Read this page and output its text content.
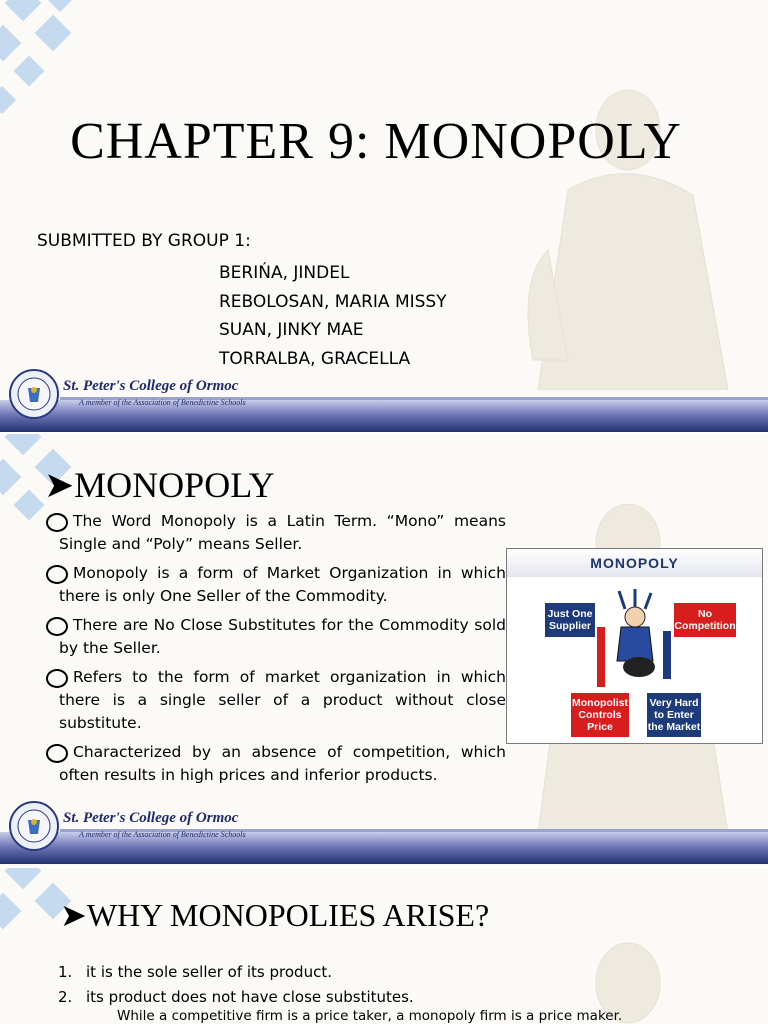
CHAPTER 9: MONOPOLY
SUBMITTED BY GROUP 1:
BERIŃA, JINDEL
REBOLOSAN, MARIA MISSY
SUAN, JINKY MAE
TORRALBA, GRACELLA
St. Peter's College of Ormoc
A member of the Association of Benedictine Schools
➤MONOPOLY
The Word Monopoly is a Latin Term. “Mono” means Single and “Poly” means Seller.
Monopoly is a form of Market Organization in which there is only One Seller of the Commodity.
There are No Close Substitutes for the Commodity sold by the Seller.
Refers to the form of market organization in which there is a single seller of a product without close substitute.
Characterized by an absence of competition, which often results in high prices and inferior products.
MONOPOLY
Just One Supplier
No Competition
Monopolist Controls Price
Very Hard to Enter the Market
St. Peter's College of Ormoc
A member of the Association of Benedictine Schools
➤WHY MONOPOLIES ARISE?
1. it is the sole seller of its product.
2. its product does not have close substitutes.
While a competitive firm is a price taker, a monopoly firm is a price maker.
